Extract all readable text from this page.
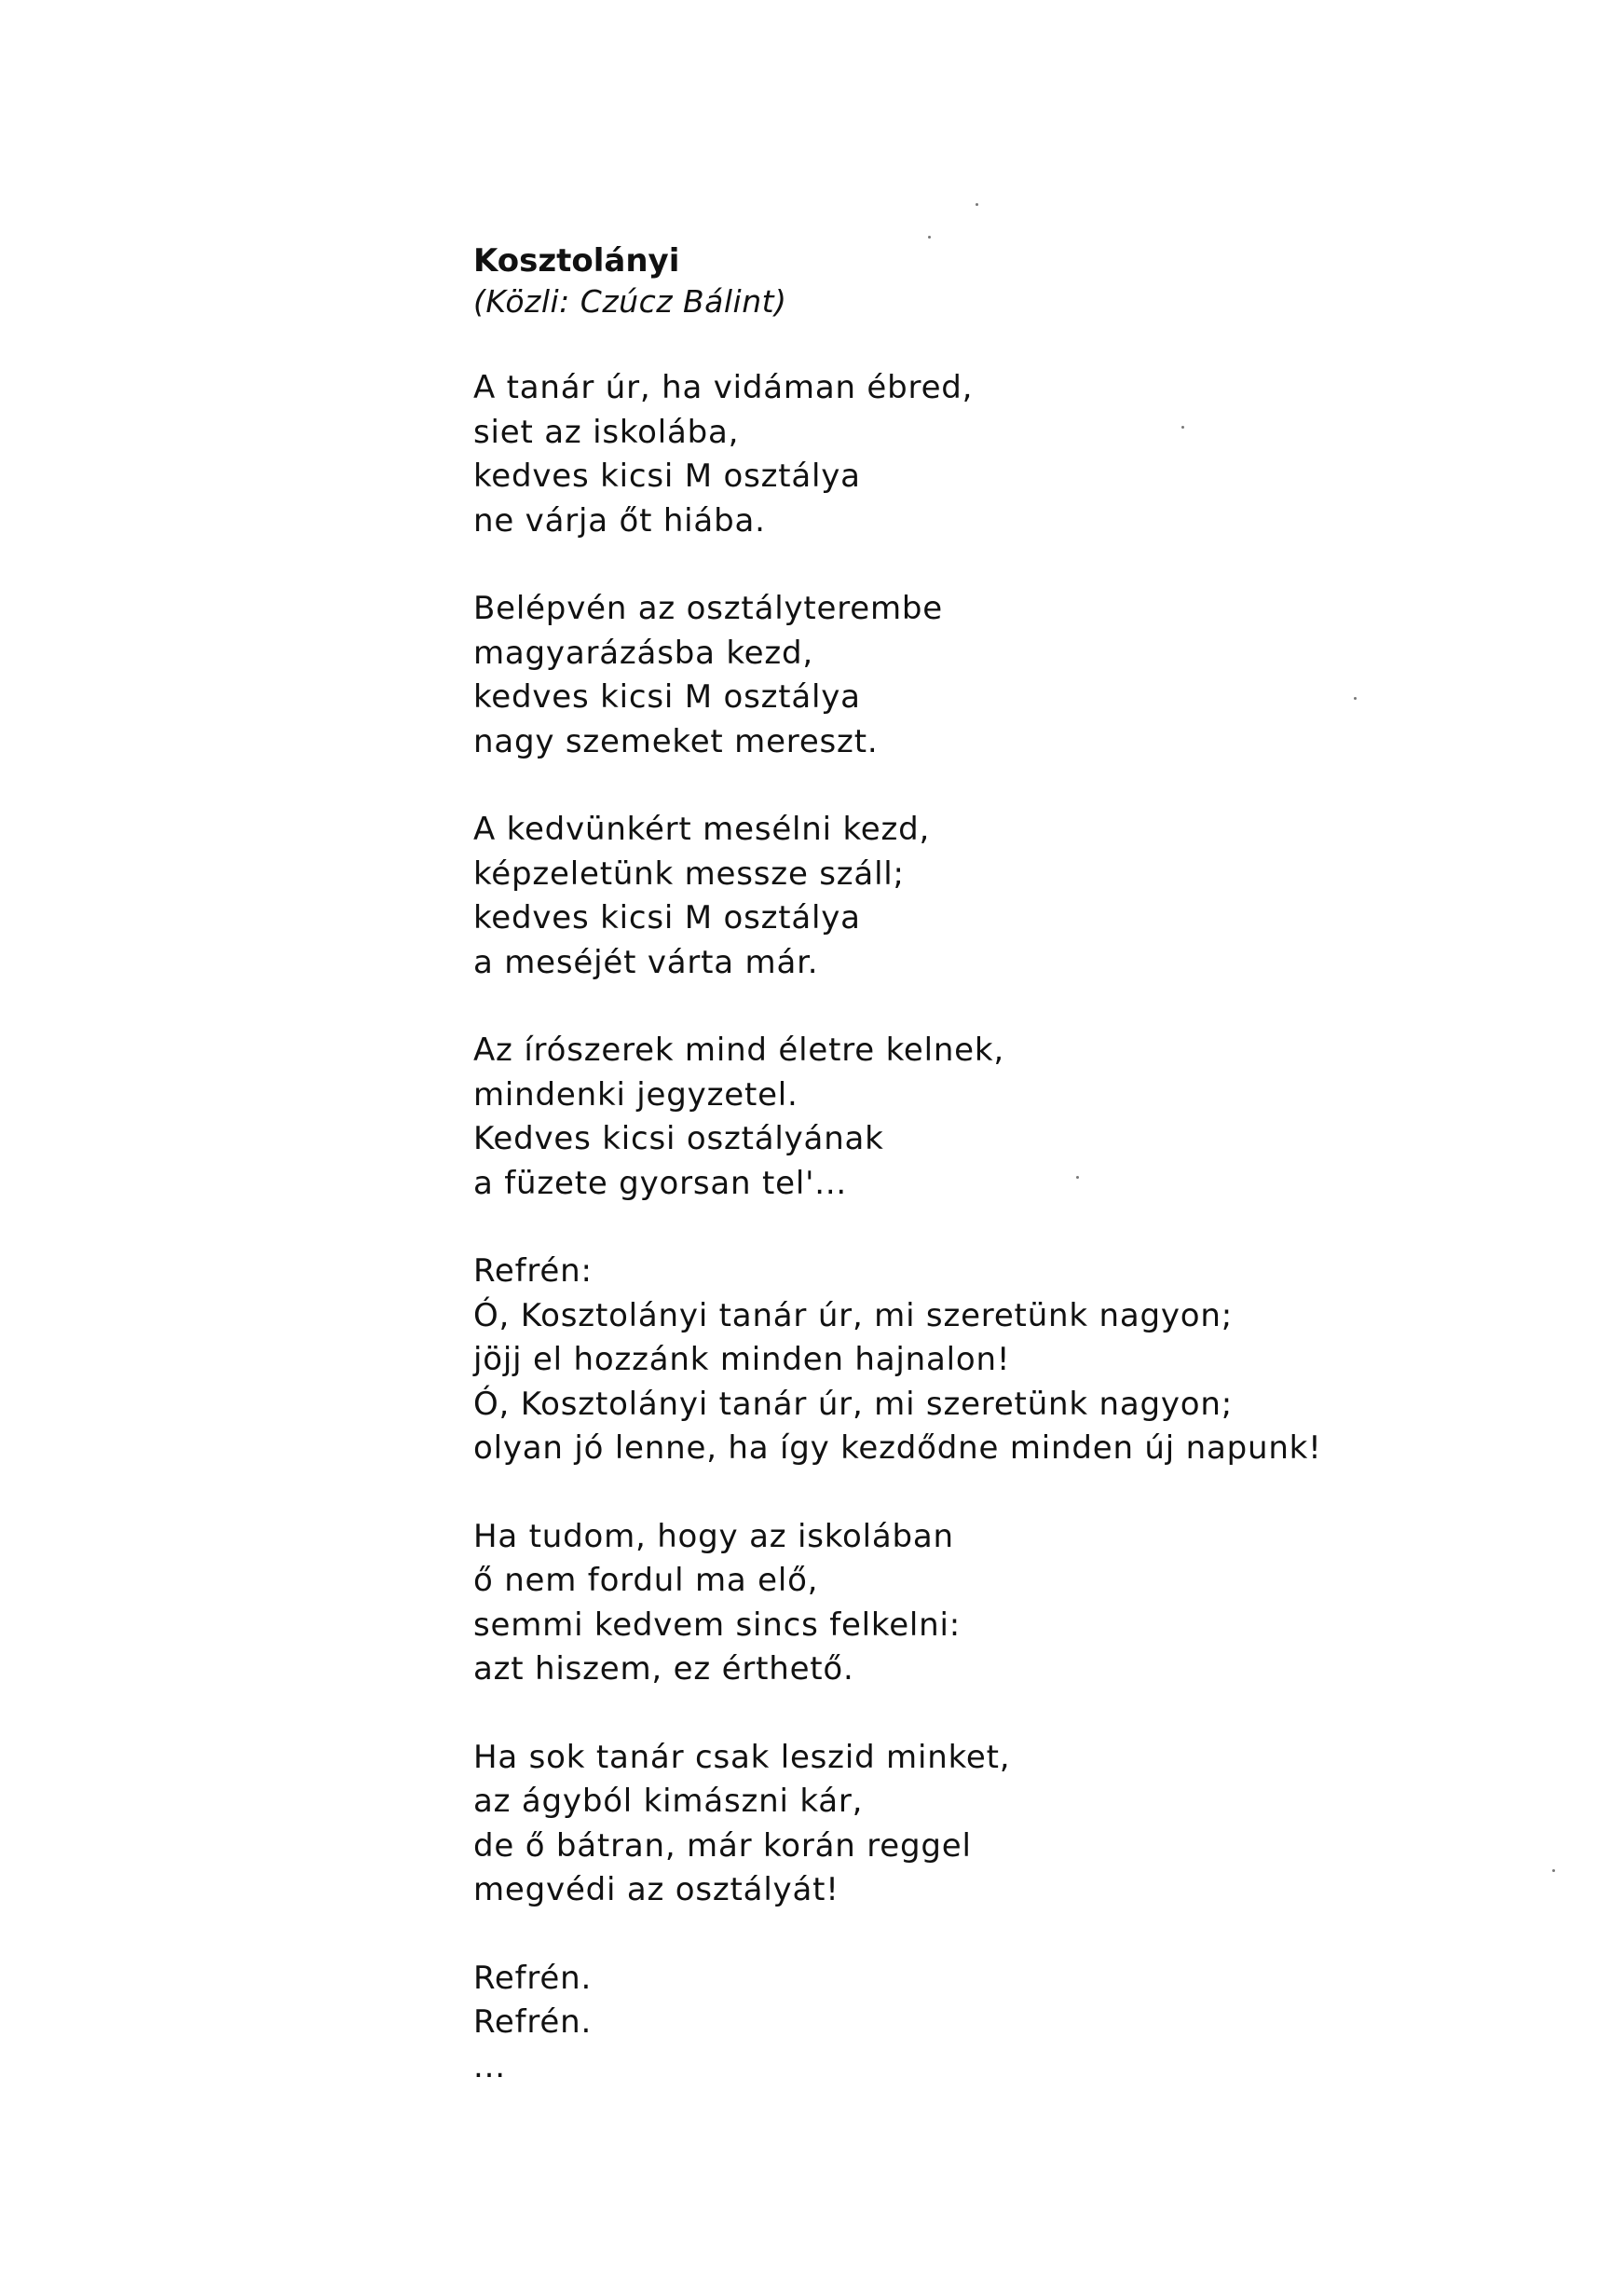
Kosztolányi

(Közli: Czúcz Bálint)

A tanár úr, ha vidáman ébred,
siet az iskolába,
kedves kicsi M osztálya
ne várja őt hiába.
Belépvén az osztályterembe
magyarázásba kezd,
kedves kicsi M osztálya
nagy szemeket mereszt.
A kedvünkért mesélni kezd,
képzeletünk messze száll;
kedves kicsi M osztálya
a meséjét várta már.
Az írószerek mind életre kelnek,
mindenki jegyzetel.
Kedves kicsi osztályának
a füzete gyorsan tel'...
Refrén:
Ó, Kosztolányi tanár úr, mi szeretünk nagyon;
jöjj el hozzánk minden hajnalon!
Ó, Kosztolányi tanár úr, mi szeretünk nagyon;
olyan jó lenne, ha így kezdődne minden új napunk!
Ha tudom, hogy az iskolában
ő nem fordul ma elő,
semmi kedvem sincs felkelni:
azt hiszem, ez érthető.
Ha sok tanár csak leszid minket,
az ágyból kimászni kár,
de ő bátran, már korán reggel
megvédi az osztályát!
Refrén.
Refrén.
...
